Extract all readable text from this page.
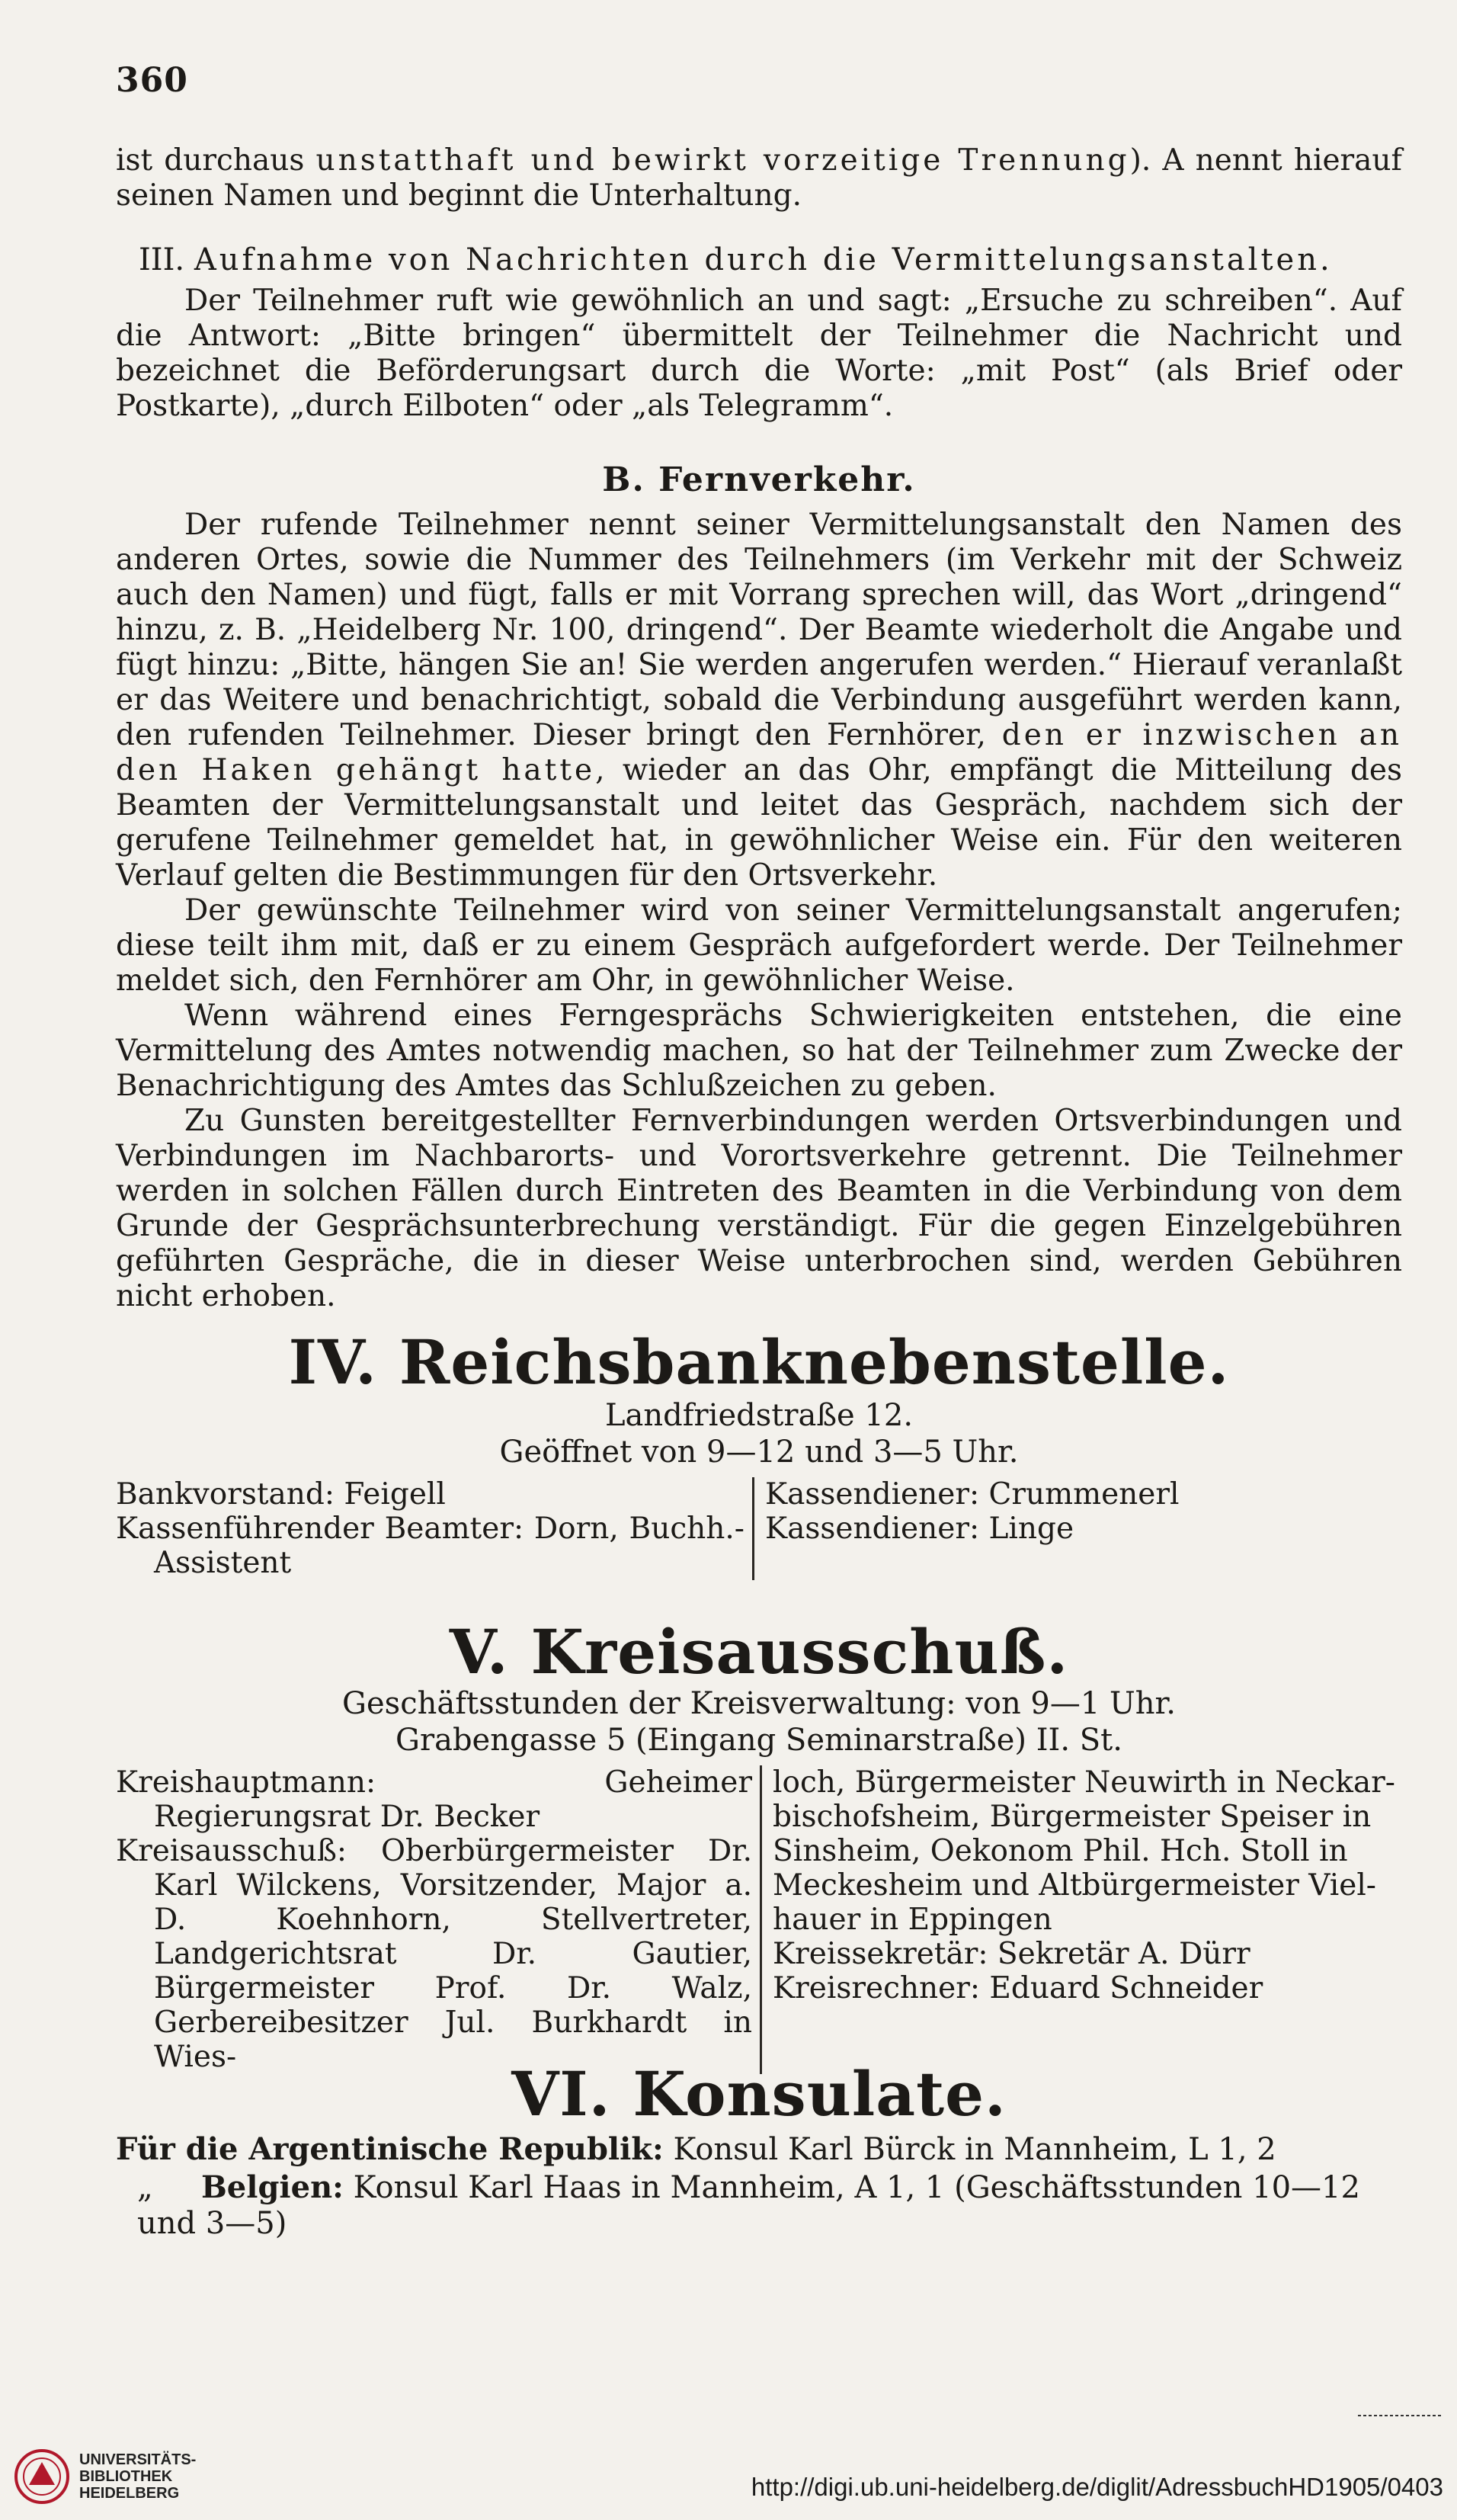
360

ist durchaus unstatthaft und bewirkt vorzeitige Trennung). A nennt hierauf seinen Namen und beginnt die Unterhaltung.

III. Aufnahme von Nachrichten durch die Vermittelungsanstalten.

Der Teilnehmer ruft wie gewöhnlich an und sagt: „Ersuche zu schreiben“. Auf die Antwort: „Bitte bringen“ übermittelt der Teilnehmer die Nachricht und bezeichnet die Beförderungsart durch die Worte: „mit Post“ (als Brief oder Postkarte), „durch Eilboten“ oder „als Telegramm“.

B. Fernverkehr.

Der rufende Teilnehmer nennt seiner Vermittelungsanstalt den Namen des anderen Ortes, sowie die Nummer des Teilnehmers (im Verkehr mit der Schweiz auch den Namen) und fügt, falls er mit Vorrang sprechen will, das Wort „dringend“ hinzu, z. B. „Heidelberg Nr. 100, dringend“. Der Beamte wiederholt die Angabe und fügt hinzu: „Bitte, hängen Sie an! Sie werden angerufen werden.“ Hierauf veranlaßt er das Weitere und benachrichtigt, sobald die Verbindung ausgeführt werden kann, den rufenden Teilnehmer. Dieser bringt den Fernhörer, den er inzwischen an den Haken gehängt hatte, wieder an das Ohr, empfängt die Mitteilung des Beamten der Vermittelungsanstalt und leitet das Gespräch, nachdem sich der gerufene Teilnehmer gemeldet hat, in gewöhnlicher Weise ein. Für den weiteren Verlauf gelten die Bestimmungen für den Ortsverkehr.

Der gewünschte Teilnehmer wird von seiner Vermittelungsanstalt angerufen; diese teilt ihm mit, daß er zu einem Gespräch aufgefordert werde. Der Teilnehmer meldet sich, den Fernhörer am Ohr, in gewöhnlicher Weise.

Wenn während eines Ferngesprächs Schwierigkeiten entstehen, die eine Vermittelung des Amtes notwendig machen, so hat der Teilnehmer zum Zwecke der Benachrichtigung des Amtes das Schlußzeichen zu geben.

Zu Gunsten bereitgestellter Fernverbindungen werden Ortsverbindungen und Verbindungen im Nachbarorts- und Vorortsverkehre getrennt. Die Teilnehmer werden in solchen Fällen durch Eintreten des Beamten in die Verbindung von dem Grunde der Gesprächsunterbrechung verständigt. Für die gegen Einzelgebühren geführten Gespräche, die in dieser Weise unterbrochen sind, werden Gebühren nicht erhoben.

IV. Reichsbanknebenstelle.
Landfriedstraße 12.
Geöffnet von 9—12 und 3—5 Uhr.
Bankvorstand: Feigell
Kassenführender Beamter: Dorn, Buchh.-Assistent
Kassendiener: Crummenerl
Kassendiener: Linge
V. Kreisausschuß.
Geschäftsstunden der Kreisverwaltung: von 9—1 Uhr.
Grabengasse 5 (Eingang Seminarstraße) II. St.
Kreishauptmann: Geheimer Regierungsrat Dr. Becker
Kreisausschuß: Oberbürgermeister Dr. Karl Wilckens, Vorsitzender, Major a. D. Koehnhorn, Stellvertreter, Landgerichtsrat Dr. Gautier, Bürgermeister Prof. Dr. Walz, Gerbereibesitzer Jul. Burkhardt in Wies-
loch, Bürgermeister Neuwirth in Neckar-
bischofsheim, Bürgermeister Speiser in
Sinsheim, Oekonom Phil. Hch. Stoll in
Meckesheim und Altbürgermeister Viel-
hauer in Eppingen
Kreissekretär: Sekretär A. Dürr
Kreisrechner: Eduard Schneider
VI. Konsulate.
Für die Argentinische Republik: Konsul Karl Bürck in Mannheim, L 1, 2
„ Belgien: Konsul Karl Haas in Mannheim, A 1, 1 (Geschäftsstunden 10—12 und 3—5)
UNIVERSITÄTS-
BIBLIOTHEK
HEIDELBERG	http://digi.ub.uni-heidelberg.de/diglit/AdressbuchHD1905/0403
